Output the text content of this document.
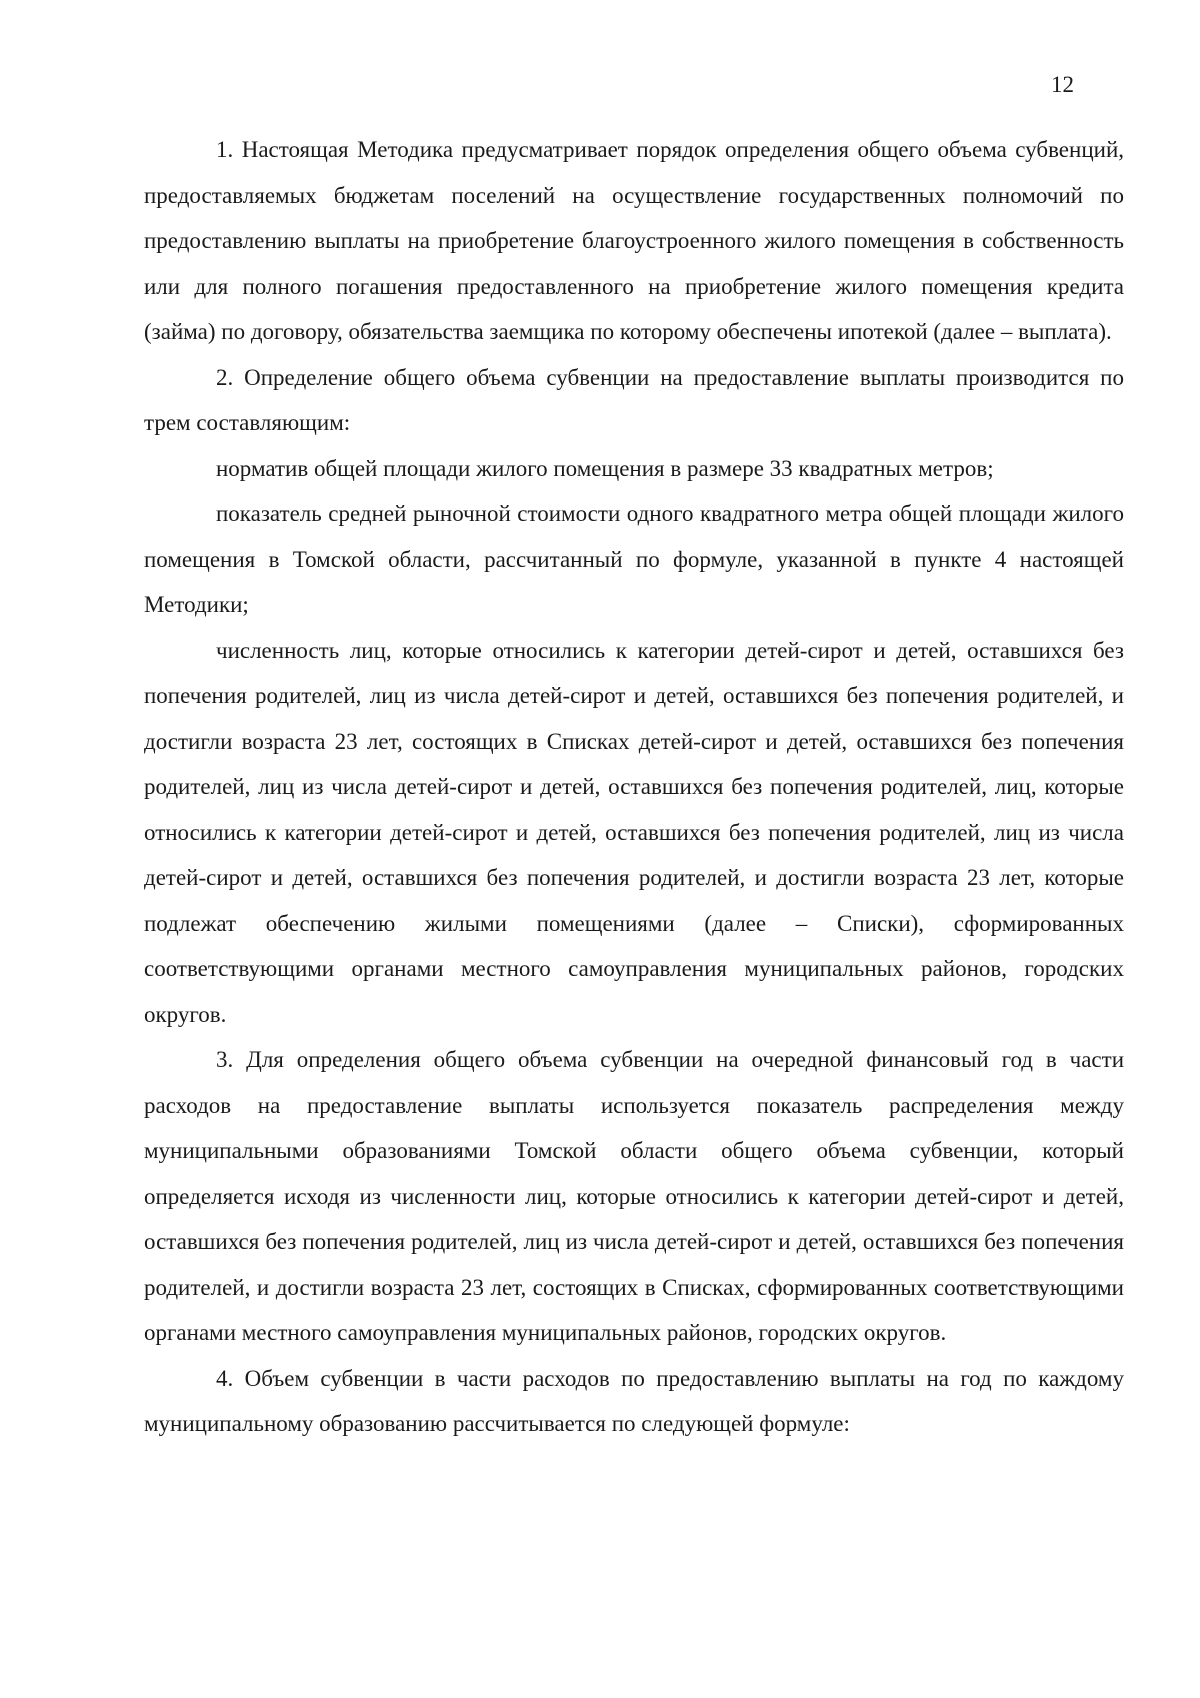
12

1. Настоящая Методика предусматривает порядок определения общего объема субвенций, предоставляемых бюджетам поселений на осуществление государственных полномочий по предоставлению выплаты на приобретение благоустроенного жилого помещения в собственность или для полного погашения предоставленного на приобретение жилого помещения кредита (займа) по договору, обязательства заемщика по которому обеспечены ипотекой (далее – выплата).

2. Определение общего объема субвенции на предоставление выплаты производится по трем составляющим:

норматив общей площади жилого помещения в размере 33 квадратных метров;

показатель средней рыночной стоимости одного квадратного метра общей площади жилого помещения в Томской области, рассчитанный по формуле, указанной в пункте 4 настоящей Методики;

численность лиц, которые относились к категории детей-сирот и детей, оставшихся без попечения родителей, лиц из числа детей-сирот и детей, оставшихся без попечения родителей, и достигли возраста 23 лет, состоящих в Списках детей-сирот и детей, оставшихся без попечения родителей, лиц из числа детей-сирот и детей, оставшихся без попечения родителей, лиц, которые относились к категории детей-сирот и детей, оставшихся без попечения родителей, лиц из числа детей-сирот и детей, оставшихся без попечения родителей, и достигли возраста 23 лет, которые подлежат обеспечению жилыми помещениями (далее – Списки), сформированных соответствующими органами местного самоуправления муниципальных районов, городских округов.

3. Для определения общего объема субвенции на очередной финансовый год в части расходов на предоставление выплаты используется показатель распределения между муниципальными образованиями Томской области общего объема субвенции, который определяется исходя из численности лиц, которые относились к категории детей-сирот и детей, оставшихся без попечения родителей, лиц из числа детей-сирот и детей, оставшихся без попечения родителей, и достигли возраста 23 лет, состоящих в Списках, сформированных соответствующими органами местного самоуправления муниципальных районов, городских округов.

4. Объем субвенции в части расходов по предоставлению выплаты на год по каждому муниципальному образованию рассчитывается по следующей формуле:
